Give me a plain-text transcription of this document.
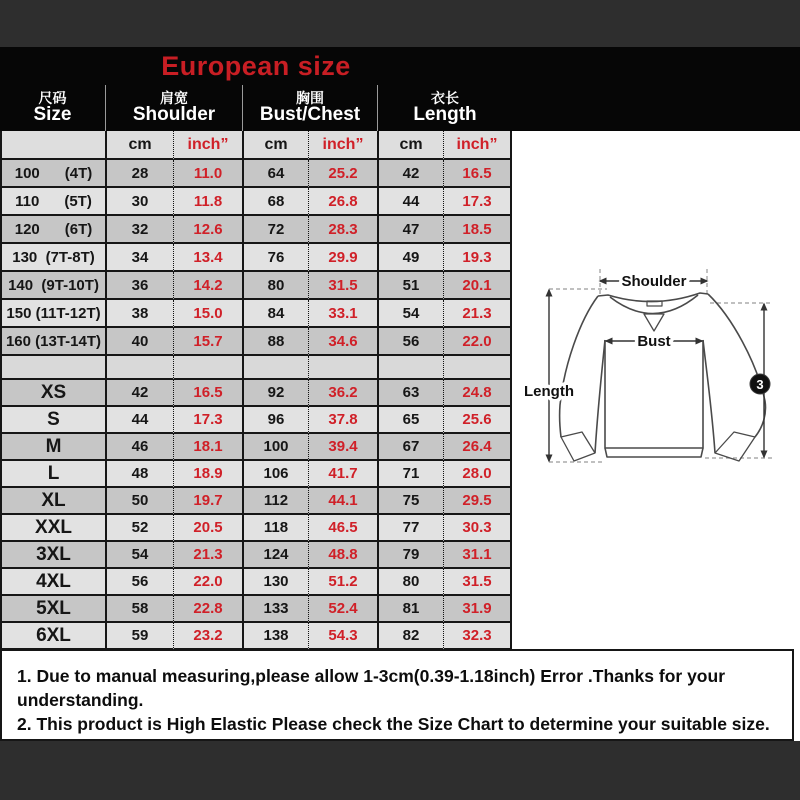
European size
尺码
Size
肩宽
Shoulder
胸围
Bust/Chest
衣长
Length
cm	inch”	cm	inch”	cm	inch”
100      (4T)	28	11.0	64	25.2	42	16.5
110      (5T)	30	11.8	68	26.8	44	17.3
120      (6T)	32	12.6	72	28.3	47	18.5
130  (7T-8T)	34	13.4	76	29.9	49	19.3
140  (9T-10T)	36	14.2	80	31.5	51	20.1
150 (11T-12T)	38	15.0	84	33.1	54	21.3
160 (13T-14T)	40	15.7	88	34.6	56	22.0
XS	42	16.5	92	36.2	63	24.8
S	44	17.3	96	37.8	65	25.6
M	46	18.1	100	39.4	67	26.4
L	48	18.9	106	41.7	71	28.0
XL	50	19.7	112	44.1	75	29.5
XXL	52	20.5	118	46.5	77	30.3
3XL	54	21.3	124	48.8	79	31.1
4XL	56	22.0	130	51.2	80	31.5
5XL	58	22.8	133	52.4	81	31.9
6XL	59	23.2	138	54.3	82	32.3
Shoulder
Bust
Length	3
1. Due to manual measuring,please allow 1-3cm(0.39-1.18inch) Error .Thanks for your understanding.
2. This product is High Elastic Please check the Size Chart to determine your suitable size.
